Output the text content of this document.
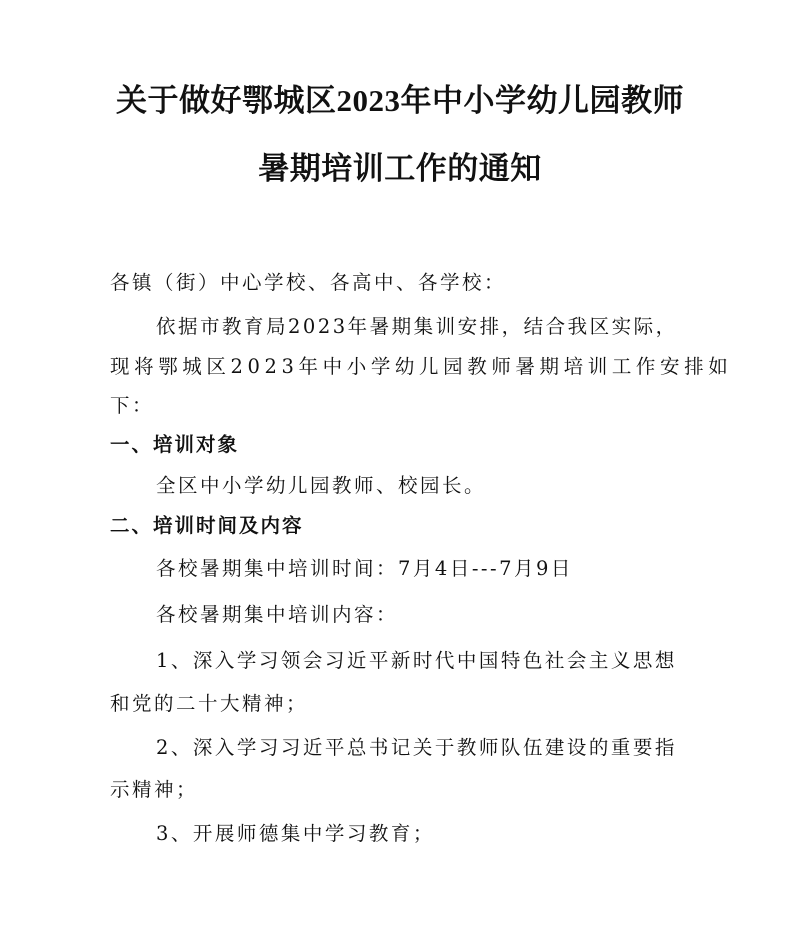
关于做好鄂城区2023年中小学幼儿园教师
暑期培训工作的通知
各镇（街）中心学校、各高中、各学校：
依据市教育局2023年暑期集训安排，结合我区实际，
现将鄂城区2023年中小学幼儿园教师暑期培训工作安排如
下：
一、培训对象
全区中小学幼儿园教师、校园长。
二、培训时间及内容
各校暑期集中培训时间：7月4日---7月9日
各校暑期集中培训内容：
1、深入学习领会习近平新时代中国特色社会主义思想
和党的二十大精神；
2、深入学习习近平总书记关于教师队伍建设的重要指
示精神；
3、开展师德集中学习教育；
